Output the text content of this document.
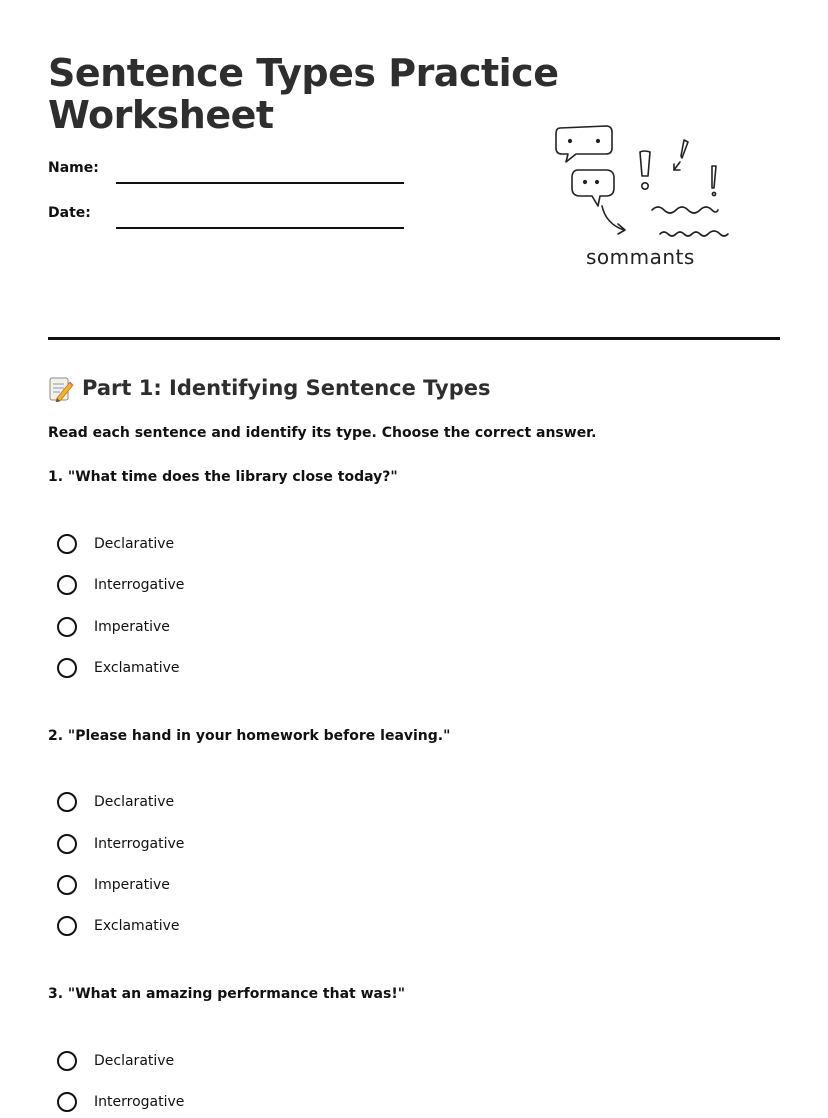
Sentence Types Practice
Worksheet
Name:
Date:
sommants
Part 1: Identifying Sentence Types
Read each sentence and identify its type. Choose the correct answer.
1. "What time does the library close today?"
Declarative
Interrogative
Imperative
Exclamative
2. "Please hand in your homework before leaving."
Declarative
Interrogative
Imperative
Exclamative
3. "What an amazing performance that was!"
Declarative
Interrogative
